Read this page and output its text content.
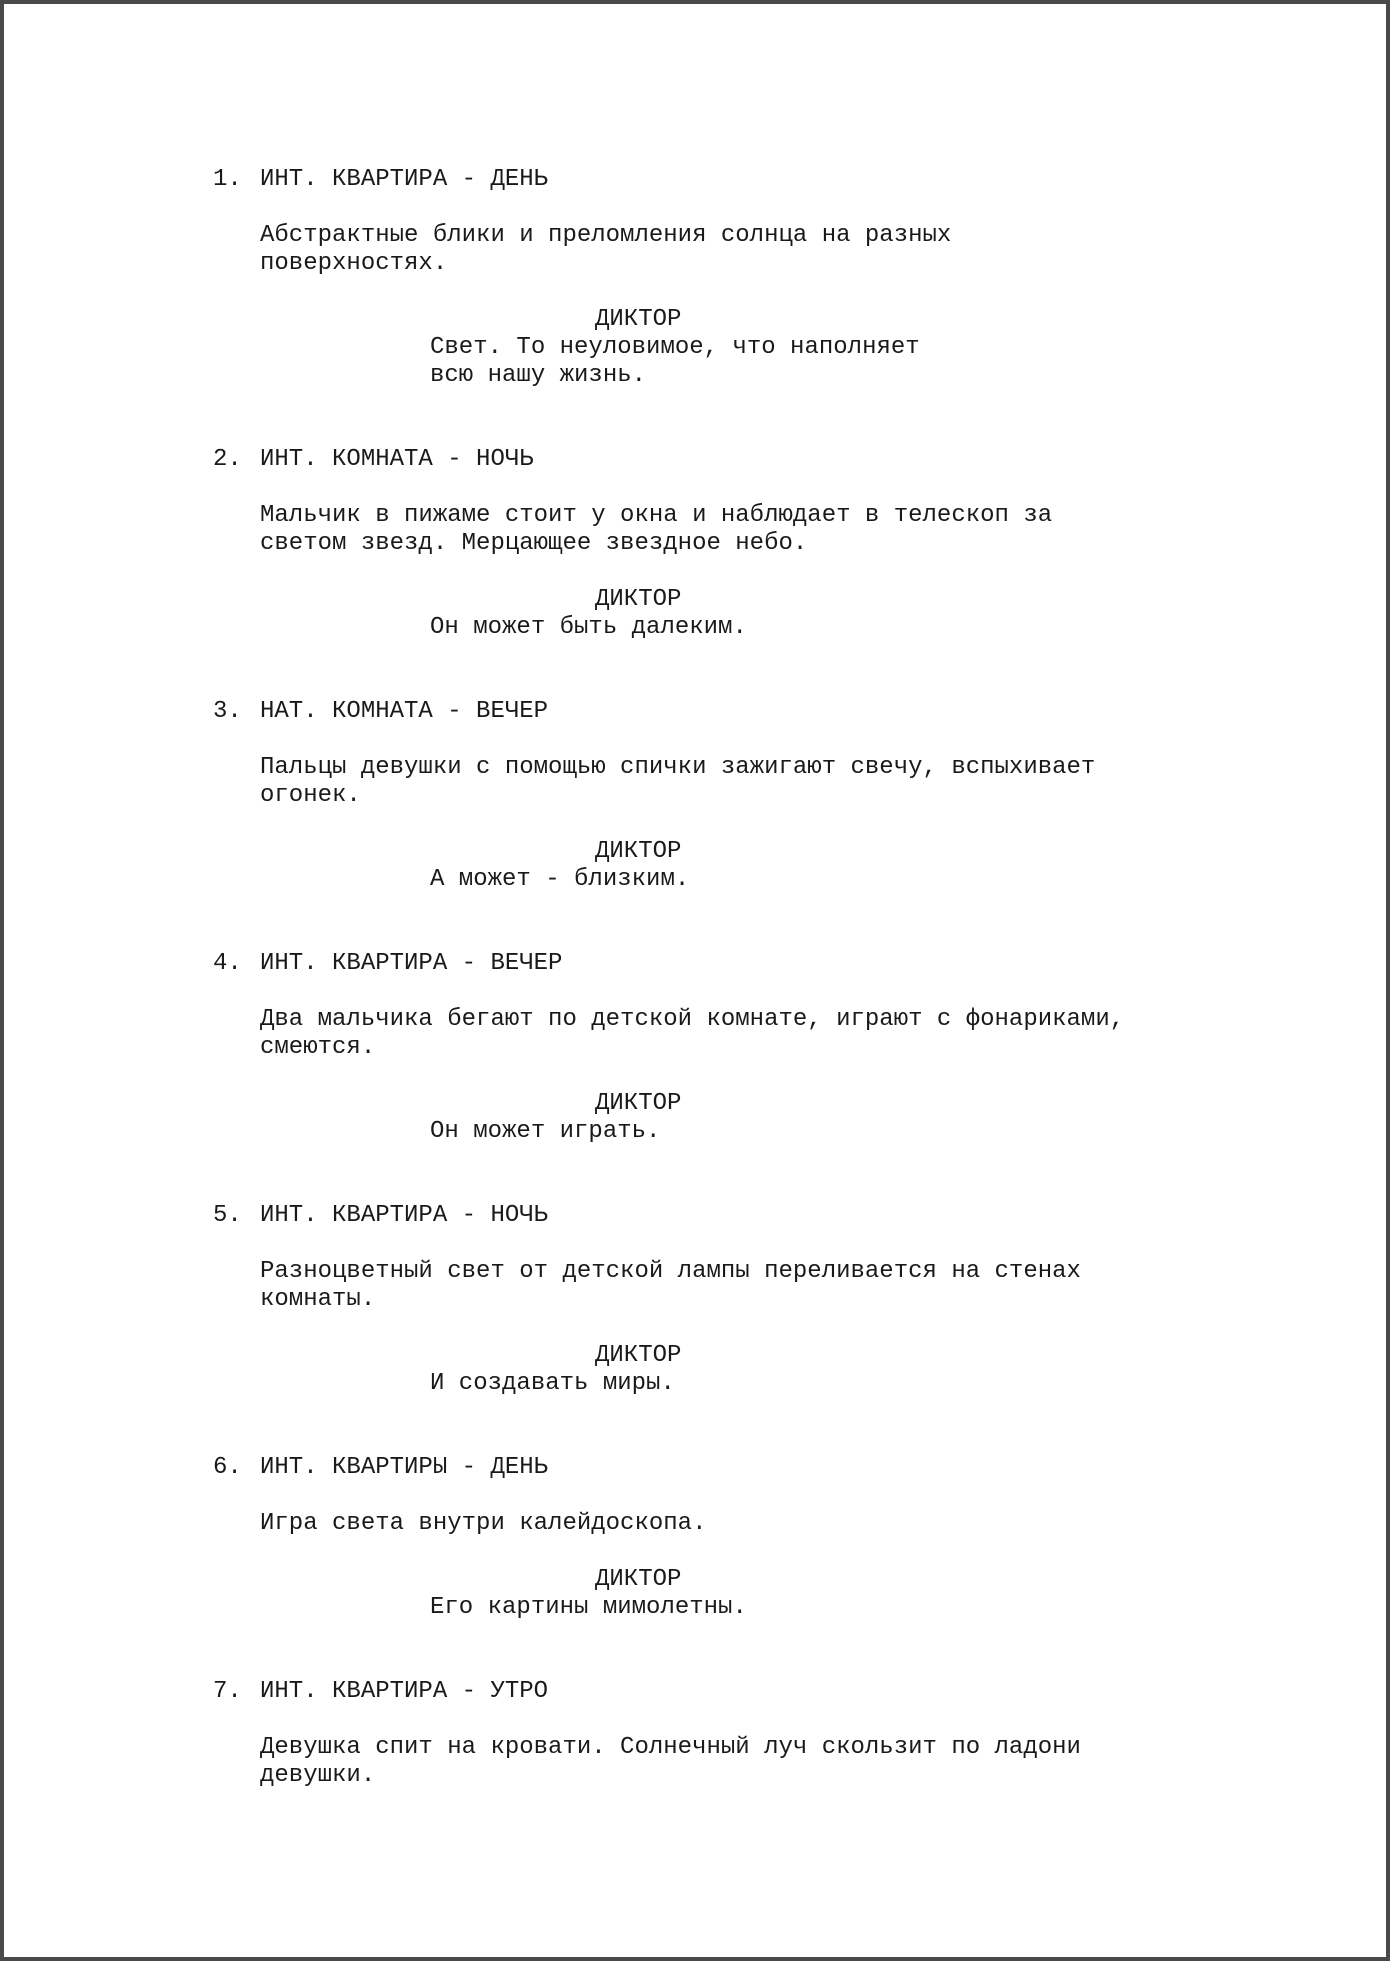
1. ИНТ. КВАРТИРА - ДЕНЬ
Абстрактные блики и преломления солнца на разных
поверхностях.
ДИКТОР
Свет. То неуловимое, что наполняет
всю нашу жизнь.
2. ИНТ. КОМНАТА - НОЧЬ
Мальчик в пижаме стоит у окна и наблюдает в телескоп за
светом звезд. Мерцающее звездное небо.
ДИКТОР
Он может быть далеким.
3. НАТ. КОМНАТА - ВЕЧЕР
Пальцы девушки с помощью спички зажигают свечу, вспыхивает
огонек.
ДИКТОР
А может - близким.
4. ИНТ. КВАРТИРА - ВЕЧЕР
Два мальчика бегают по детской комнате, играют с фонариками,
смеются.
ДИКТОР
Он может играть.
5. ИНТ. КВАРТИРА - НОЧЬ
Разноцветный свет от детской лампы переливается на стенах
комнаты.
ДИКТОР
И создавать миры.
6. ИНТ. КВАРТИРЫ - ДЕНЬ
Игра света внутри калейдоскопа.
ДИКТОР
Его картины мимолетны.
7. ИНТ. КВАРТИРА - УТРО
Девушка спит на кровати. Солнечный луч скользит по ладони
девушки.
